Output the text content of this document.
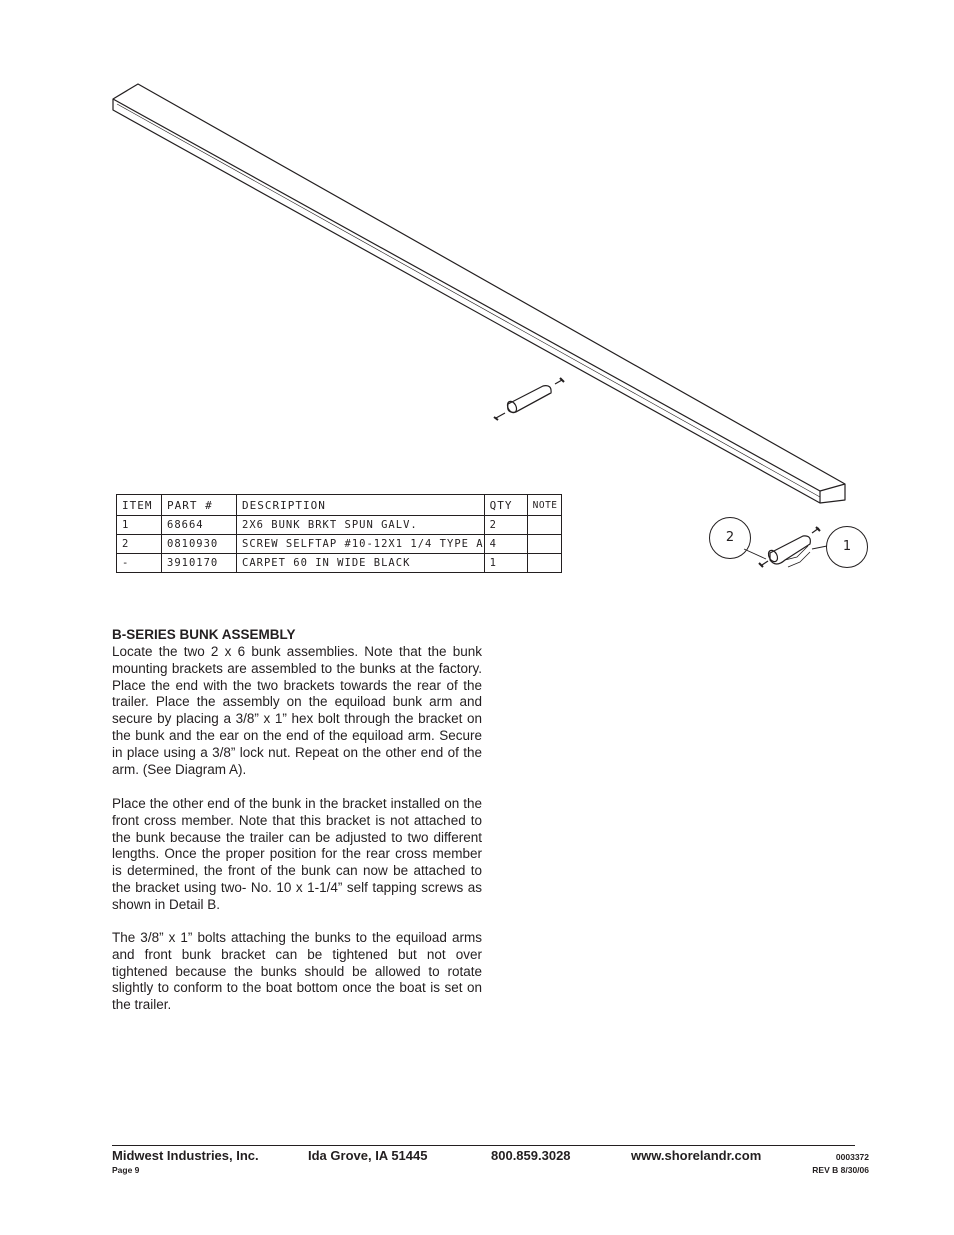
ITEM	PART #	DESCRIPTION	QTY	NOTE
1	68664	2X6 BUNK BRKT SPUN GALV.	2	
2	0810930	SCREW SELFTAP #10-12X1 1/4 TYPE A	4	
-	3910170	CARPET 60 IN WIDE BLACK	1	
2
1
B-SERIES BUNK ASSEMBLY

Locate the two 2 x 6 bunk assemblies. Note that the bunk mounting brackets are assembled to the bunks at the factory. Place the end with the two brackets towards the rear of the trailer. Place the assembly on the equiload bunk arm and secure by placing a 3/8” x 1” hex bolt through the bracket on the bunk and the ear on the end of the equiload arm. Secure in place using a 3/8” lock nut. Repeat on the other end of the arm. (See Diagram A).

Place the other end of the bunk in the bracket installed on the front cross member. Note that this bracket is not attached to the bunk because the trailer can be adjusted to two different lengths. Once the proper position for the rear cross member is determined, the front of the bunk can now be attached to the bracket using two- No. 10 x 1-1/4” self tapping screws as shown in Detail B.

The 3/8” x 1” bolts attaching the bunks to the equiload arms and front bunk bracket can be tightened but not over tightened because the bunks should be allowed to rotate slightly to conform to the boat bottom once the boat is set on the trailer.

Midwest Industries, Inc.	Ida Grove, IA 51445	800.859.3028	www.shorelandr.com
Page 9
0003372
REV B 8/30/06
